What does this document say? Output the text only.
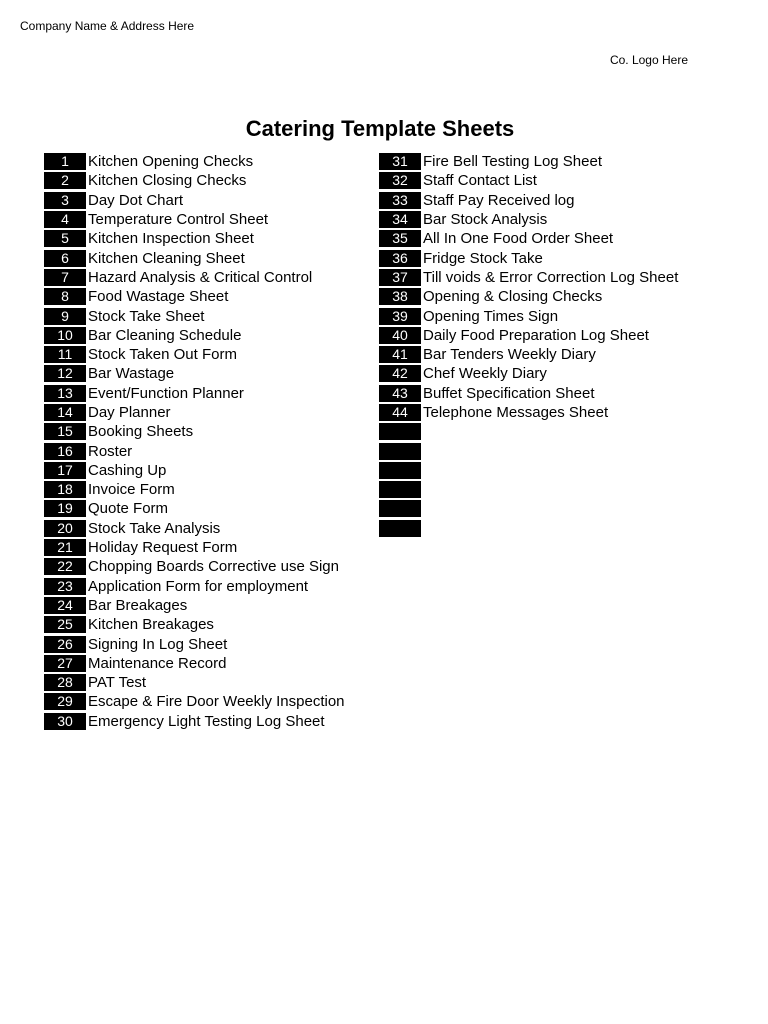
Company Name & Address Here
Co. Logo Here
Catering Template Sheets
1	Kitchen Opening Checks
2	Kitchen Closing Checks
3	Day Dot Chart
4	Temperature Control Sheet
5	Kitchen Inspection Sheet
6	Kitchen Cleaning Sheet
7	Hazard Analysis & Critical Control
8	Food Wastage Sheet
9	Stock Take Sheet
10	Bar Cleaning Schedule
11	Stock Taken Out Form
12	Bar Wastage
13	Event/Function Planner
14	Day Planner
15	Booking Sheets
16	Roster
17	Cashing Up
18	Invoice Form
19	Quote Form
20	Stock Take Analysis
21	Holiday Request Form
22	Chopping Boards Corrective use Sign
23	Application Form for employment
24	Bar Breakages
25	Kitchen Breakages
26	Signing In Log Sheet
27	Maintenance Record
28	PAT Test
29	Escape & Fire Door Weekly Inspection
30	Emergency Light Testing Log Sheet
31	Fire Bell Testing Log Sheet
32	Staff Contact List
33	Staff Pay Received log
34	Bar Stock Analysis
35	All In One Food Order Sheet
36	Fridge Stock Take
37	Till voids & Error Correction Log Sheet
38	Opening & Closing Checks
39	Opening Times Sign
40	Daily Food Preparation Log Sheet
41	Bar Tenders Weekly Diary
42	Chef Weekly Diary
43	Buffet Specification Sheet
44	Telephone Messages Sheet
